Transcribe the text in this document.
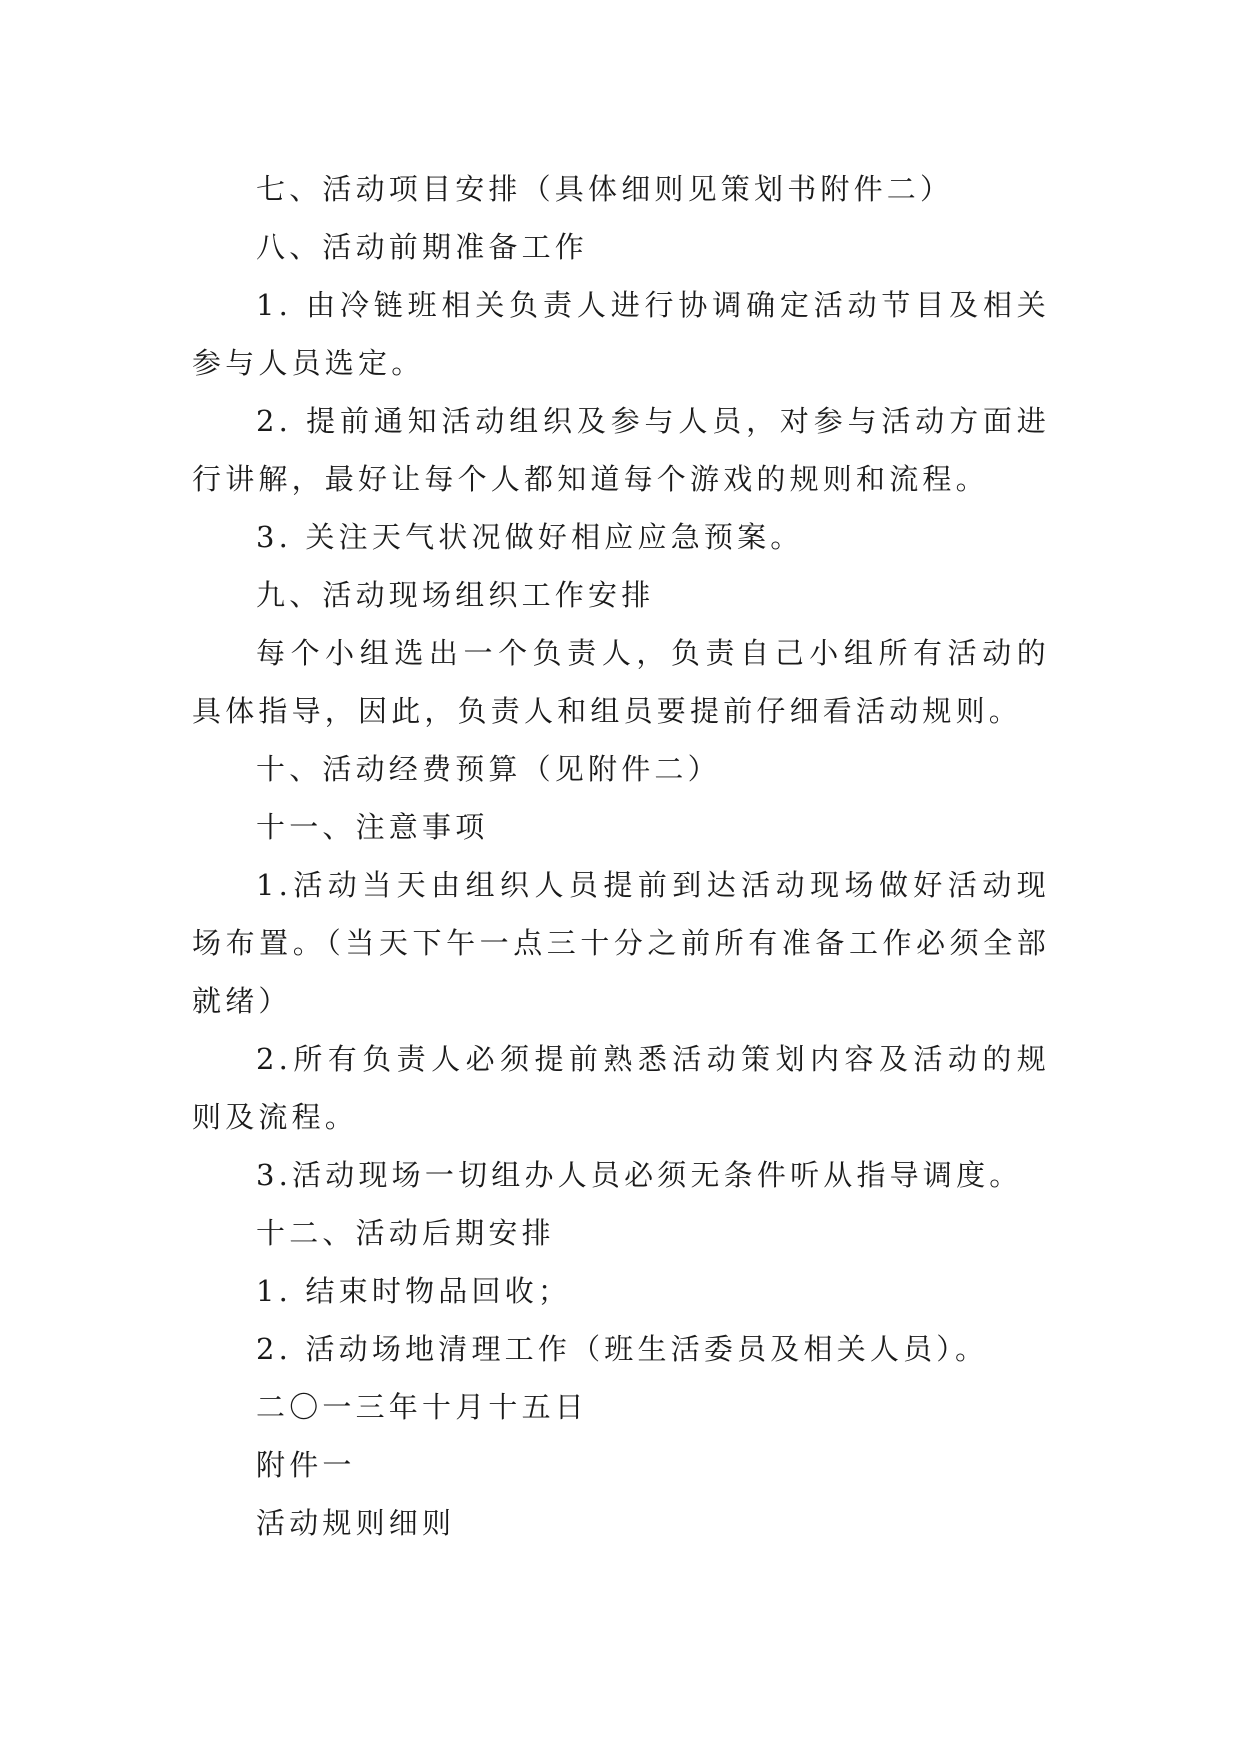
七、活动项目安排（具体细则见策划书附件二）

八、活动前期准备工作

1. 由冷链班相关负责人进行协调确定活动节目及相关参与人员选定。

2. 提前通知活动组织及参与人员，对参与活动方面进行讲解，最好让每个人都知道每个游戏的规则和流程。

3. 关注天气状况做好相应应急预案。

九、活动现场组织工作安排

每个小组选出一个负责人，负责自己小组所有活动的具体指导，因此，负责人和组员要提前仔细看活动规则。

十、活动经费预算（见附件二）

十一、注意事项

1.活动当天由组织人员提前到达活动现场做好活动现场布置。（当天下午一点三十分之前所有准备工作必须全部就绪）

2.所有负责人必须提前熟悉活动策划内容及活动的规则及流程。

3.活动现场一切组办人员必须无条件听从指导调度。

十二、活动后期安排

1. 结束时物品回收；

2. 活动场地清理工作（班生活委员及相关人员）。

二〇一三年十月十五日

附件一

活动规则细则
